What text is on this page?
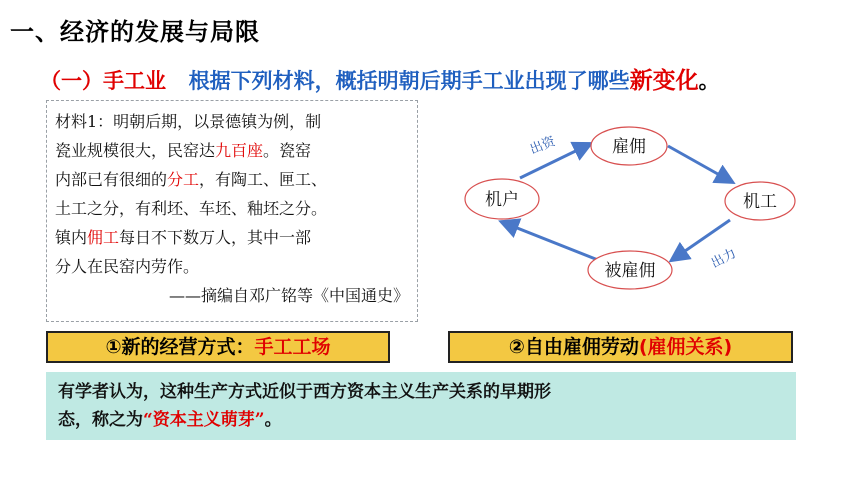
一、经济的发展与局限
（一）手工业 根据下列材料，概括明朝后期手工业出现了哪些新变化。

材料1：明朝后期，以景德镇为例，制

瓷业规模很大，民窑达九百座。瓷窑

内部已有很细的分工，有陶工、匣工、

土工之分，有利坯、车坯、釉坯之分。

镇内佣工每日不下数万人，其中一部

分人在民窑内劳作。

——摘编自邓广铭等《中国通史》

雇佣
机户	机工
被雇佣
出资
出力
①新的经营方式：手工工场	②自由雇佣劳动(雇佣关系)
有学者认为，这种生产方式近似于西方资本主义生产关系的早期形
态，称之为“资本主义萌芽”。
